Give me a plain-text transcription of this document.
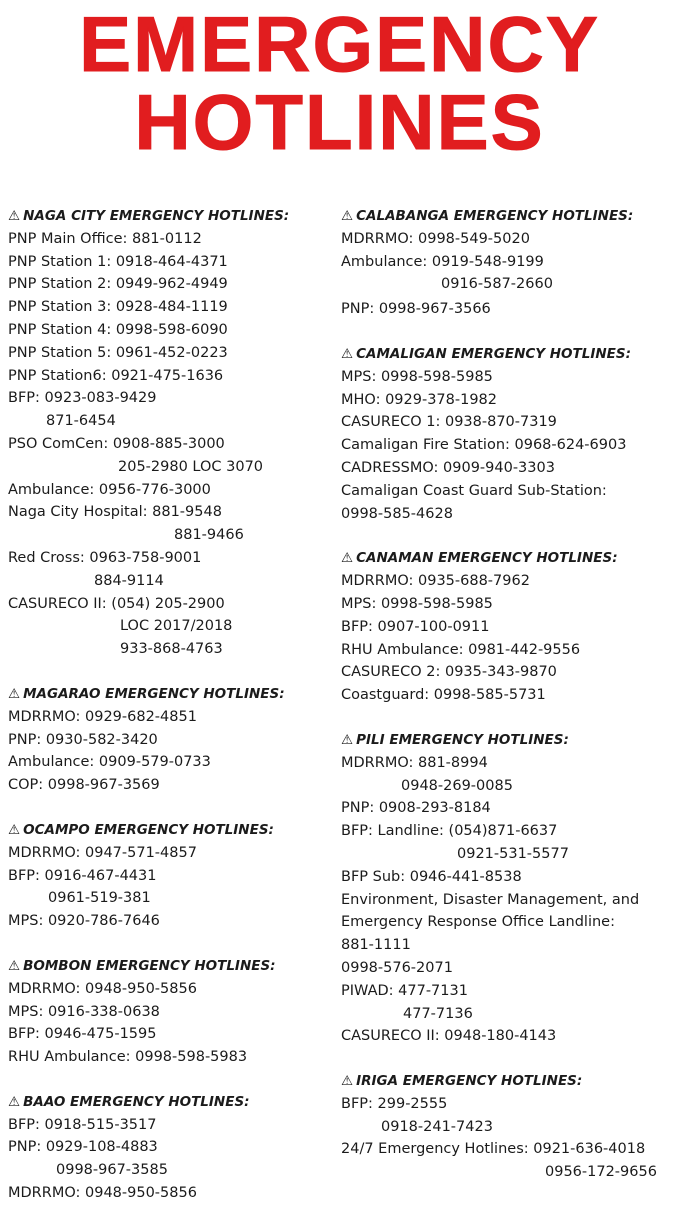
EMERGENCY
HOTLINES
⚠ NAGA CITY EMERGENCY HOTLINES:
PNP Main Office: 881-0112
PNP Station 1: 0918-464-4371
PNP Station 2: 0949-962-4949
PNP Station 3: 0928-484-1119
PNP Station 4: 0998-598-6090
PNP Station 5: 0961-452-0223
PNP Station6: 0921-475-1636
BFP: 0923-083-9429
871-6454
PSO ComCen: 0908-885-3000
205-2980 LOC 3070
Ambulance: 0956-776-3000
Naga City Hospital: 881-9548
881-9466
Red Cross: 0963-758-9001
884-9114
CASURECO II: (054) 205-2900
LOC 2017/2018
933-868-4763
⚠ MAGARAO EMERGENCY HOTLINES:
MDRRMO: 0929-682-4851
PNP: 0930-582-3420
Ambulance: 0909-579-0733
COP: 0998-967-3569
⚠ OCAMPO EMERGENCY HOTLINES:
MDRRMO: 0947-571-4857
BFP: 0916-467-4431
0961-519-381
MPS: 0920-786-7646
⚠ BOMBON EMERGENCY HOTLINES:
MDRRMO: 0948-950-5856
MPS: 0916-338-0638
BFP: 0946-475-1595
RHU Ambulance: 0998-598-5983
⚠ BAAO EMERGENCY HOTLINES:
BFP: 0918-515-3517
PNP: 0929-108-4883
0998-967-3585
MDRRMO: 0948-950-5856
⚠ CALABANGA EMERGENCY HOTLINES:
MDRRMO: 0998-549-5020
Ambulance: 0919-548-9199
0916-587-2660
PNP: 0998-967-3566
⚠ CAMALIGAN EMERGENCY HOTLINES:
MPS: 0998-598-5985
MHO: 0929-378-1982
CASURECO 1: 0938-870-7319
Camaligan Fire Station: 0968-624-6903
CADRESSMO: 0909-940-3303
Camaligan Coast Guard Sub-Station:
0998-585-4628
⚠ CANAMAN EMERGENCY HOTLINES:
MDRRMO: 0935-688-7962
MPS: 0998-598-5985
BFP: 0907-100-0911
RHU Ambulance: 0981-442-9556
CASURECO 2: 0935-343-9870
Coastguard: 0998-585-5731
⚠ PILI EMERGENCY HOTLINES:
MDRRMO: 881-8994
0948-269-0085
PNP: 0908-293-8184
BFP: Landline: (054)871-6637
0921-531-5577
BFP Sub: 0946-441-8538
Environment, Disaster Management, and
Emergency Response Office Landline:
881-1111
0998-576-2071
PIWAD: 477-7131
477-7136
CASURECO II: 0948-180-4143
⚠ IRIGA EMERGENCY HOTLINES:
BFP: 299-2555
0918-241-7423
24/7 Emergency Hotlines: 0921-636-4018
0956-172-9656
